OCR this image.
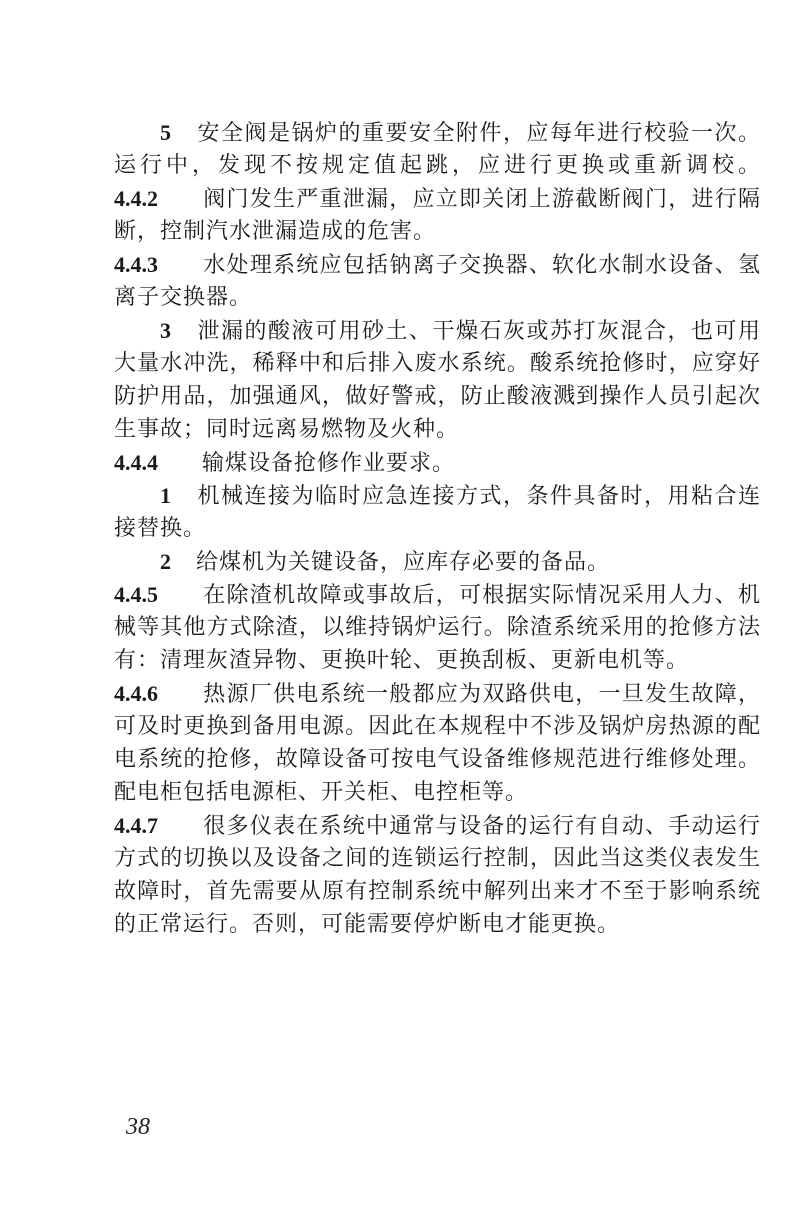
5 安全阀是锅炉的重要安全附件，应每年进行校验一次。
运行中，发现不按规定值起跳，应进行更换或重新调校。
4.4.2 阀门发生严重泄漏，应立即关闭上游截断阀门，进行隔
断，控制汽水泄漏造成的危害。
4.4.3 水处理系统应包括钠离子交换器、软化水制水设备、氢
离子交换器。
3 泄漏的酸液可用砂土、干燥石灰或苏打灰混合，也可用
大量水冲洗，稀释中和后排入废水系统。酸系统抢修时，应穿好
防护用品，加强通风，做好警戒，防止酸液溅到操作人员引起次
生事故；同时远离易燃物及火种。
4.4.4 输煤设备抢修作业要求。
1 机械连接为临时应急连接方式，条件具备时，用粘合连
接替换。
2 给煤机为关键设备，应库存必要的备品。
4.4.5 在除渣机故障或事故后，可根据实际情况采用人力、机
械等其他方式除渣，以维持锅炉运行。除渣系统采用的抢修方法
有：清理灰渣异物、更换叶轮、更换刮板、更新电机等。
4.4.6 热源厂供电系统一般都应为双路供电，一旦发生故障，
可及时更换到备用电源。因此在本规程中不涉及锅炉房热源的配
电系统的抢修，故障设备可按电气设备维修规范进行维修处理。
配电柜包括电源柜、开关柜、电控柜等。
4.4.7 很多仪表在系统中通常与设备的运行有自动、手动运行
方式的切换以及设备之间的连锁运行控制，因此当这类仪表发生
故障时，首先需要从原有控制系统中解列出来才不至于影响系统
的正常运行。否则，可能需要停炉断电才能更换。
38
